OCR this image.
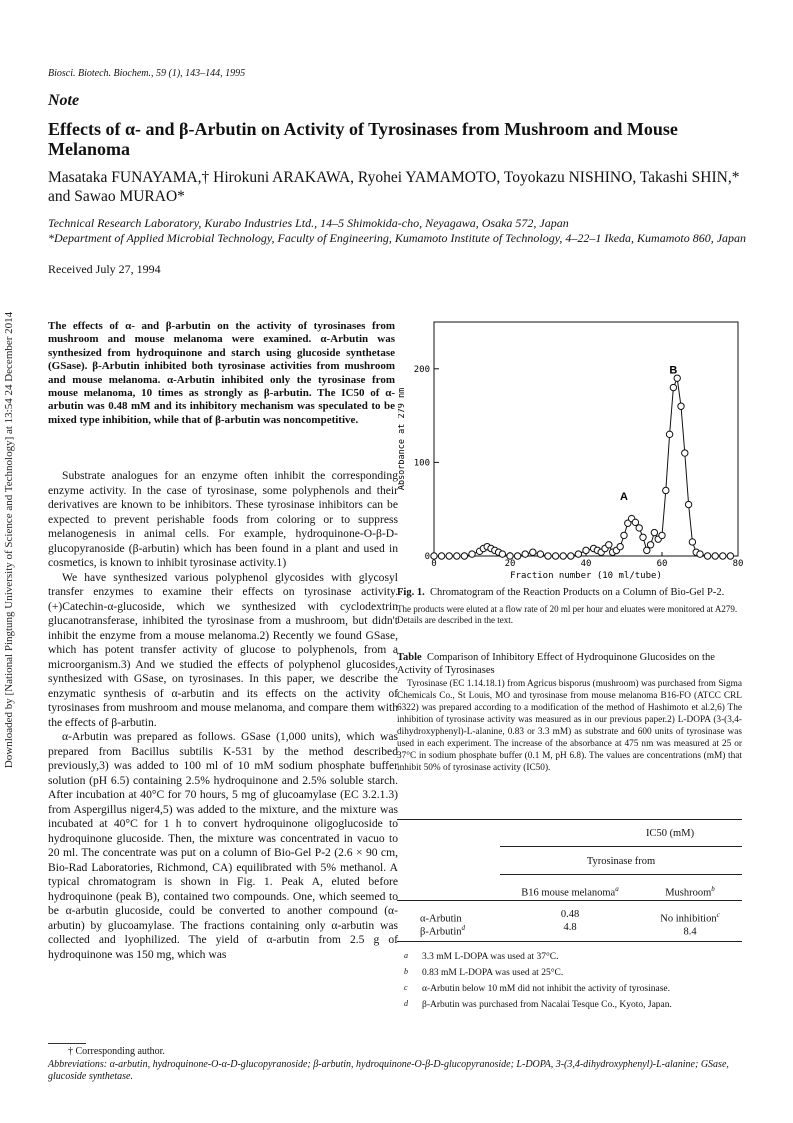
Downloaded by [National Pingtung University of Science and Technology] at 13:54 24 December 2014
Biosci. Biotech. Biochem., 59 (1), 143–144, 1995
Note
Effects of α- and β-Arbutin on Activity of Tyrosinases from Mushroom and Mouse Melanoma
Masataka FUNAYAMA,† Hirokuni ARAKAWA, Ryohei YAMAMOTO, Toyokazu NISHINO, Takashi SHIN,*
and Sawao MURAO*
Technical Research Laboratory, Kurabo Industries Ltd., 14–5 Shimokida-cho, Neyagawa, Osaka 572, Japan
*Department of Applied Microbial Technology, Faculty of Engineering, Kumamoto Institute of Technology, 4–22–1 Ikeda, Kumamoto 860, Japan
Received July 27, 1994
The effects of α- and β-arbutin on the activity of tyrosinases from mushroom and mouse melanoma were examined. α-Arbutin was synthesized from hydroquinone and starch using glucoside synthetase (GSase). β-Arbutin inhibited both tyrosinase activities from mushroom and mouse melanoma. α-Arbutin inhibited only the tyrosinase from mouse melanoma, 10 times as strongly as β-arbutin. The IC50 of α-arbutin was 0.48 mM and its inhibitory mechanism was speculated to be mixed type inhibition, while that of β-arbutin was noncompetitive.

Substrate analogues for an enzyme often inhibit the corresponding enzyme activity. In the case of tyrosinase, some polyphenols and their derivatives are known to be inhibitors. These tyrosinase inhibitors can be expected to prevent perishable foods from coloring or to suppress melanogenesis in animal cells. For example, hydroquinone-O-β-D-glucopyranoside (β-arbutin) which has been found in a plant and used in cosmetics, is known to inhibit tyrosinase activity.1)

We have synthesized various polyphenol glycosides with glycosyl transfer enzymes to examine their effects on tyrosinase activity. (+)Catechin-α-glucoside, which we synthesized with cyclodextrin glucanotransferase, inhibited the tyrosinase from a mushroom, but didn't inhibit the enzyme from a mouse melanoma.2) Recently we found GSase, which has potent transfer activity of glucose to polyphenols, from a microorganism.3) And we studied the effects of polyphenol glucosides, synthesized with GSase, on tyrosinases. In this paper, we describe the enzymatic synthesis of α-arbutin and its effects on the activity of tyrosinases from mushroom and mouse melanoma, and compare them with the effects of β-arbutin.

α-Arbutin was prepared as follows. GSase (1,000 units), which was prepared from Bacillus subtilis K-531 by the method described previously,3) was added to 100 ml of 10 mM sodium phosphate buffer solution (pH 6.5) containing 2.5% hydroquinone and 2.5% soluble starch. After incubation at 40°C for 70 hours, 5 mg of glucoamylase (EC 3.2.1.3) from Aspergillus niger4,5) was added to the mixture, and the mixture was incubated at 40°C for 1 h to convert hydroquinone oligoglucoside to hydroquinone glucoside. Then, the mixture was concentrated in vacuo to 20 ml. The concentrate was put on a column of Bio-Gel P-2 (2.6 × 90 cm, Bio-Rad Laboratories, Richmond, CA) equilibrated with 5% methanol. A typical chromatogram is shown in Fig. 1. Peak A, eluted before hydroquinone (peak B), contained two compounds. One, which seemed to be α-arbutin glucoside, could be converted to another compound (α-arbutin) by glucoamylase. The fractions containing only α-arbutin was collected and lyophilized. The yield of α-arbutin from 2.5 g of hydroquinone was 150 mg, which was

0
100
200
0	20	40	60	80
Fraction number (10 ml/tube)
Absorbance at 279 nm
A
B
Fig. 1. Chromatogram of the Reaction Products on a Column of Bio-Gel P-2.
The products were eluted at a flow rate of 20 ml per hour and eluates were monitored at A279. Details are described in the text.
Table Comparison of Inhibitory Effect of Hydroquinone Glucosides on the Activity of Tyrosinases
Tyrosinase (EC 1.14.18.1) from Agricus bisporus (mushroom) was purchased from Sigma Chemicals Co., St Louis, MO and tyrosinase from mouse melanoma B16-FO (ATCC CRL 6322) was prepared according to a modification of the method of Hashimoto et al.2,6) The inhibition of tyrosinase activity was measured as in our previous paper.2) L-DOPA (3-(3,4-dihydroxyphenyl)-L-alanine, 0.83 or 3.3 mM) as substrate and 600 units of tyrosinase was used in each experiment. The increase of the absorbance at 475 nm was measured at 25 or 37°C in sodium phosphate buffer (0.1 M, pH 6.8). The values are concentrations (mM) that inhibit 50% of tyrosinase activity (IC50).
IC50 (mM)
Tyrosinase from
B16 mouse melanoma$^a$	Mushroom$^b$
α-Arbutin	0.48	No inhibition$^c$
β-Arbutin$^d$	4.8	8.4
a 3.3 mM L-DOPA was used at 37°C.
b 0.83 mM L-DOPA was used at 25°C.
c α-Arbutin below 10 mM did not inhibit the activity of tyrosinase.
d β-Arbutin was purchased from Nacalai Tesque Co., Kyoto, Japan.

† Corresponding author.

Abbreviations: α-arbutin, hydroquinone-O-α-D-glucopyranoside; β-arbutin, hydroquinone-O-β-D-glucopyranoside; L-DOPA, 3-(3,4-dihydroxyphenyl)-L-alanine; GSase, glucoside synthetase.
